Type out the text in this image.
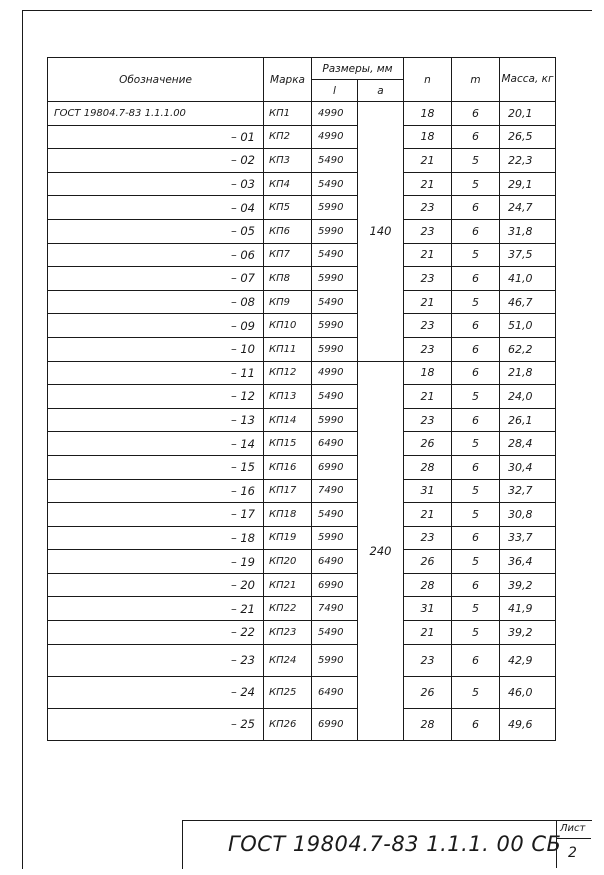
Обозначение	Марка	Размеры, мм		n	m	Масса, кг
		l	a			
ГОСТ 19804.7-83 1.1.1.00	КП1	4990	140	18	6	20,1
– 01	КП2	4990		18	6	26,5
– 02	КП3	5490		21	5	22,3
– 03	КП4	5490		21	5	29,1
– 04	КП5	5990		23	6	24,7
– 05	КП6	5990		23	6	31,8
– 06	КП7	5490		21	5	37,5
– 07	КП8	5990		23	6	41,0
– 08	КП9	5490		21	5	46,7
– 09	КП10	5990		23	6	51,0
– 10	КП11	5990		23	6	62,2
– 11	КП12	4990	240	18	6	21,8
– 12	КП13	5490		21	5	24,0
– 13	КП14	5990		23	6	26,1
– 14	КП15	6490		26	5	28,4
– 15	КП16	6990		28	6	30,4
– 16	КП17	7490		31	5	32,7
– 17	КП18	5490		21	5	30,8
– 18	КП19	5990		23	6	33,7
– 19	КП20	6490		26	5	36,4
– 20	КП21	6990		28	6	39,2
– 21	КП22	7490		31	5	41,9
– 22	КП23	5490		21	5	39,2
– 23	КП24	5990		23	6	42,9
– 24	КП25	6490		26	5	46,0
– 25	КП26	6990		28	6	49,6
ГОСТ 19804.7-83 1.1.1. 00 СБ
Лист
2
